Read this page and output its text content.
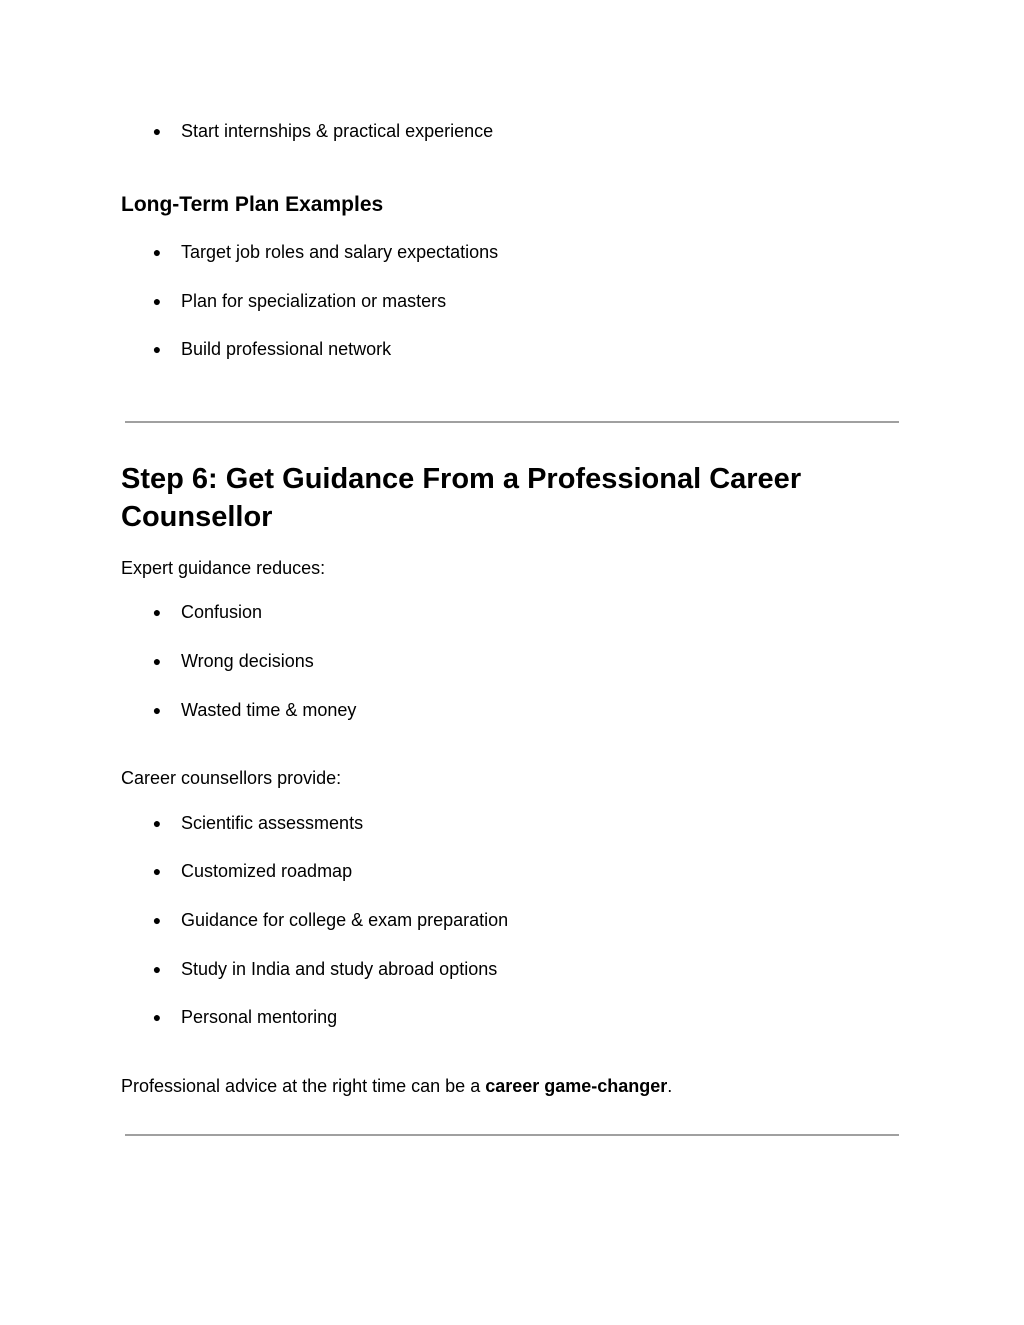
● Start internships & practical experience
Long-Term Plan Examples
● Target job roles and salary expectations
● Plan for specialization or masters
● Build professional network
Step 6: Get Guidance From a Professional Career Counsellor

Expert guidance reduces:

● Confusion
● Wrong decisions
● Wasted time & money

Career counsellors provide:

● Scientific assessments
● Customized roadmap
● Guidance for college & exam preparation
● Study in India and study abroad options
● Personal mentoring

Professional advice at the right time can be a career game-changer.
